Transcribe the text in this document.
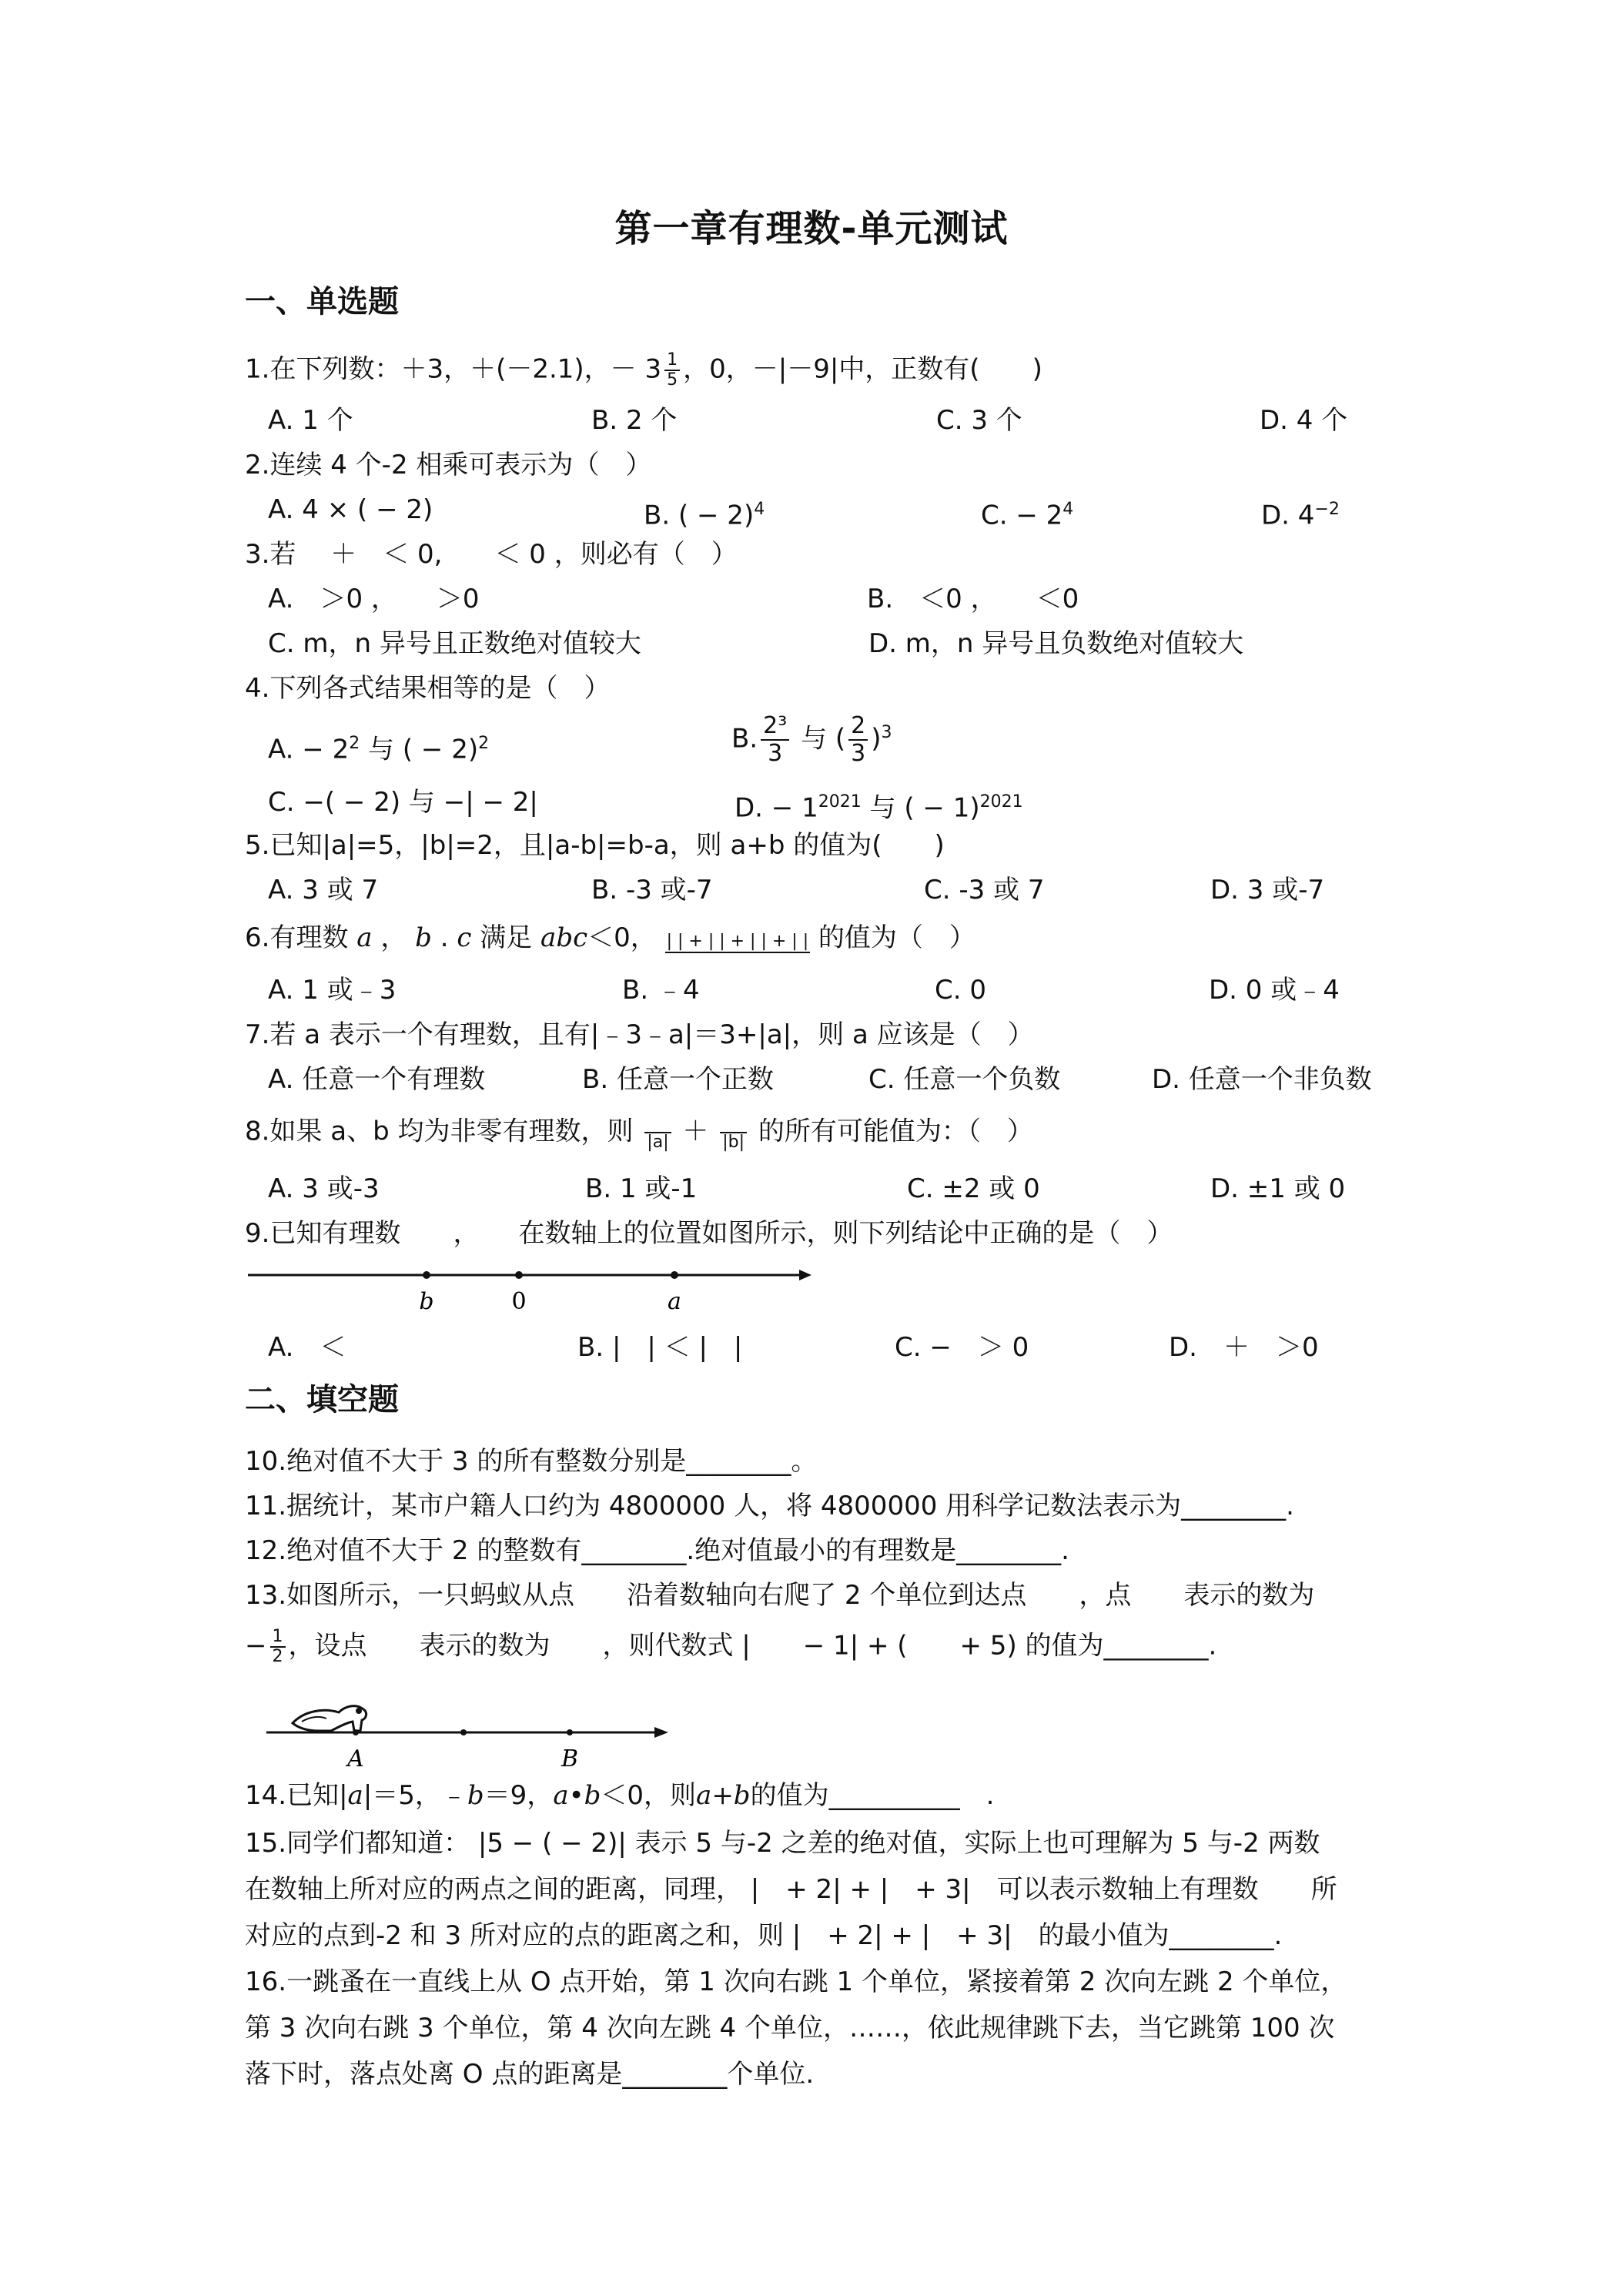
第一章有理数-单元测试
一、单选题
1.在下列数：＋3，＋(－2.1)，－ $3 \frac{1}{5}$ ，0，－|－9|中，正数有(　　)
A. 1 个	B. 2 个	C. 3 个	D. 4 个
2.连续 4 个-2 相乘可表示为（　）
A. 4 × ( − 2)	B. ( − 2)$^4$	C. − $2^4$	D. $4^{-2}$
3.若　 ＋　＜ 0,　　＜ 0 ，则必有（　）
A.　＞0 ，　　＞0	B.　＜0 ，　　＜0
C. m，n 异号且正数绝对值较大	D. m，n 异号且负数绝对值较大
4.下列各式结果相等的是（　）
A. − $2^2$ 与 ( − 2)$^2$	B. $\frac{\text{2³}}{3}$ 与 ( $\frac{2}{3} )^3$
C. −( − 2) 与 −| − 2|	D. − $1^{2021}$ 与 ( − 1)$^{2021}$
5.已知|a|=5，|b|=2，且|a-b|=b-a，则 a+b 的值为(　　)
A. 3 或 7	B. -3 或-7	C. -3 或 7	D. 3 或-7
6.有理数 a ， b . c 满足 abc＜0， | | + | | + | | + | | 的值为（　）
A. 1 或﹣3	B. ﹣4	C. 0	D. 0 或﹣4
7.若 a 表示一个有理数，且有|﹣3﹣a|＝3+|a|，则 a 应该是（　）
A. 任意一个有理数	B. 任意一个正数	C. 任意一个负数	D. 任意一个非负数
8.如果 a、b 均为非零有理数，则
|a| ＋
|b| 的所有可能值为：（　）
A. 3 或-3	B. 1 或-1	C. ±2 或 0	D. ±1 或 0
9.已知有理数　　，　　在数轴上的位置如图所示，则下列结论中正确的是（　）
b	0	a
A.　＜	B. |　| ＜ |　|	C. −　＞ 0	D.　＋　＞0
二、填空题
10.绝对值不大于 3 的所有整数分别是________。
11.据统计，某市户籍人口约为 4800000 人，将 4800000 用科学记数法表示为________.
12.绝对值不大于 2 的整数有________.绝对值最小的有理数是________.
13.如图所示，一只蚂蚁从点　　沿着数轴向右爬了 2 个单位到达点　　，点　　表示的数为
− $\frac{1}{2}$ ，设点　　表示的数为　　，则代数式 |　　− 1| + (　　+ 5) 的值为________.
A	B
14.已知|a|＝5，﹣b＝9，a•b＜0，则a+b的值为__________　.
15.同学们都知道： |5 − ( − 2)| 表示 5 与-2 之差的绝对值，实际上也可理解为 5 与-2 两数
在数轴上所对应的两点之间的距离，同理， |　+ 2| + |　+ 3|　可以表示数轴上有理数　　所
对应的点到-2 和 3 所对应的点的距离之和，则 |　+ 2| + |　+ 3|　的最小值为________.
16.一跳蚤在一直线上从 O 点开始，第 1 次向右跳 1 个单位，紧接着第 2 次向左跳 2 个单位，
第 3 次向右跳 3 个单位，第 4 次向左跳 4 个单位，……，依此规律跳下去，当它跳第 100 次
落下时，落点处离 O 点的距离是________个单位.
